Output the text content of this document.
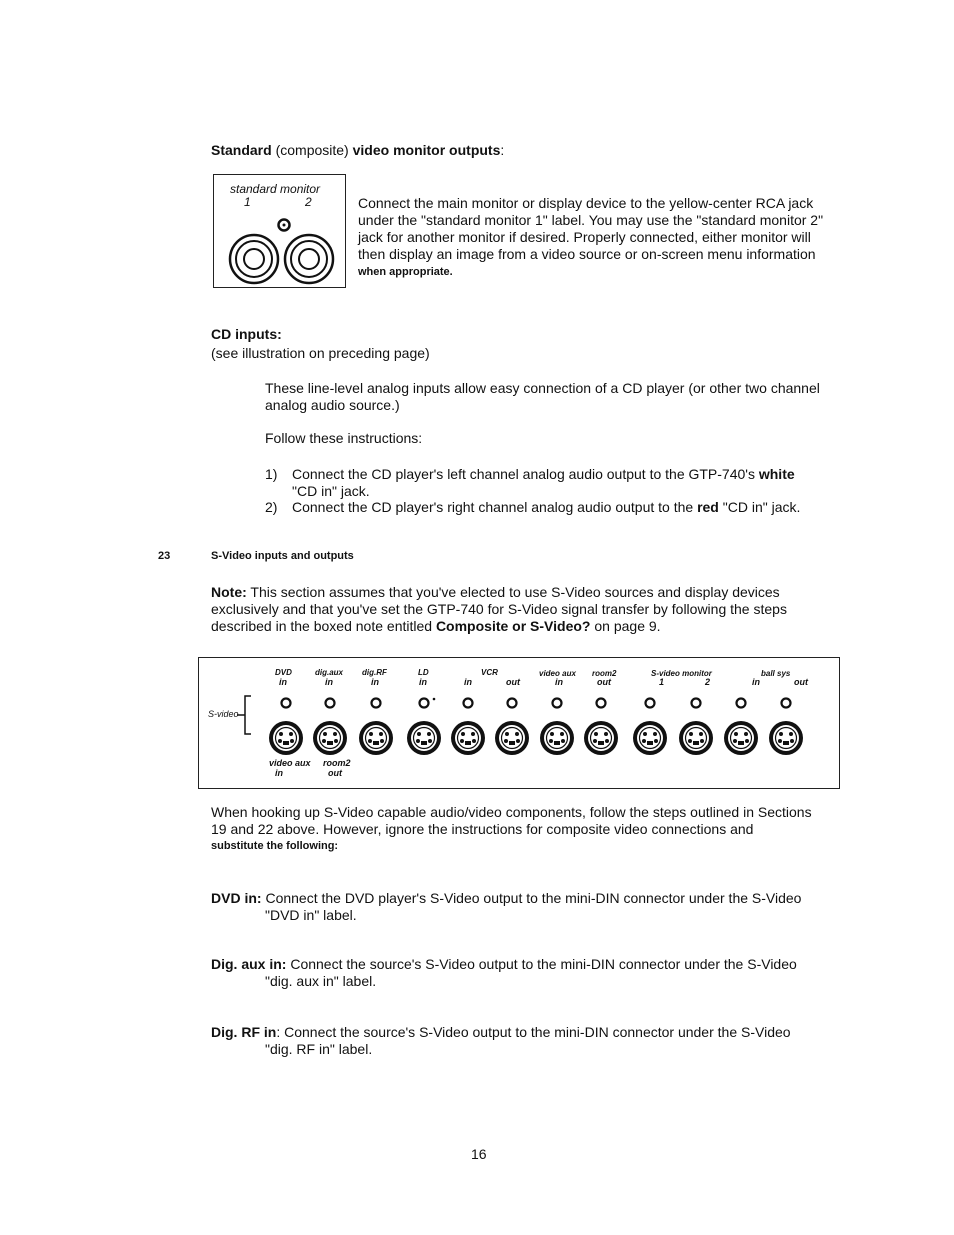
Standard (composite) video monitor outputs:
standard monitor
1	2	Connect the main monitor or display device to the yellow-center RCA jack
under the "standard monitor 1" label. You may use the "standard monitor 2"
jack for another monitor if desired. Properly connected, either monitor will
then display an image from a video source or on-screen menu information
when appropriate.
CD inputs:
(see illustration on preceding page)
These line-level analog inputs allow easy connection of a CD player (or other two channel
analog audio source.)
Follow these instructions:
1) Connect the CD player's left channel analog audio output to the GTP-740's white
"CD in" jack.
2) Connect the CD player's right channel analog audio output to the red "CD in" jack.
23	S-Video inputs and outputs
Note: This section assumes that you've elected to use S-Video sources and display devices
exclusively and that you've set the GTP-740 for S-Video signal transfer by following the steps
described in the boxed note entitled Composite or S-Video? on page 9.
DVD
in
dig.aux
in
dig.RF
in
LD
in
VCR
in	out
video aux
in
room2
out
S-video monitor
1	2
ball sys
in	out
S-video
video aux
in
room2
out
When hooking up S-Video capable audio/video components, follow the steps outlined in Sections
19 and 22 above. However, ignore the instructions for composite video connections and
substitute the following:
DVD in: Connect the DVD player's S-Video output to the mini-DIN connector under the S-Video
"DVD in" label.
Dig. aux in: Connect the source's S-Video output to the mini-DIN connector under the S-Video
"dig. aux in" label.
Dig. RF in: Connect the source's S-Video output to the mini-DIN connector under the S-Video
"dig. RF in" label.
16
